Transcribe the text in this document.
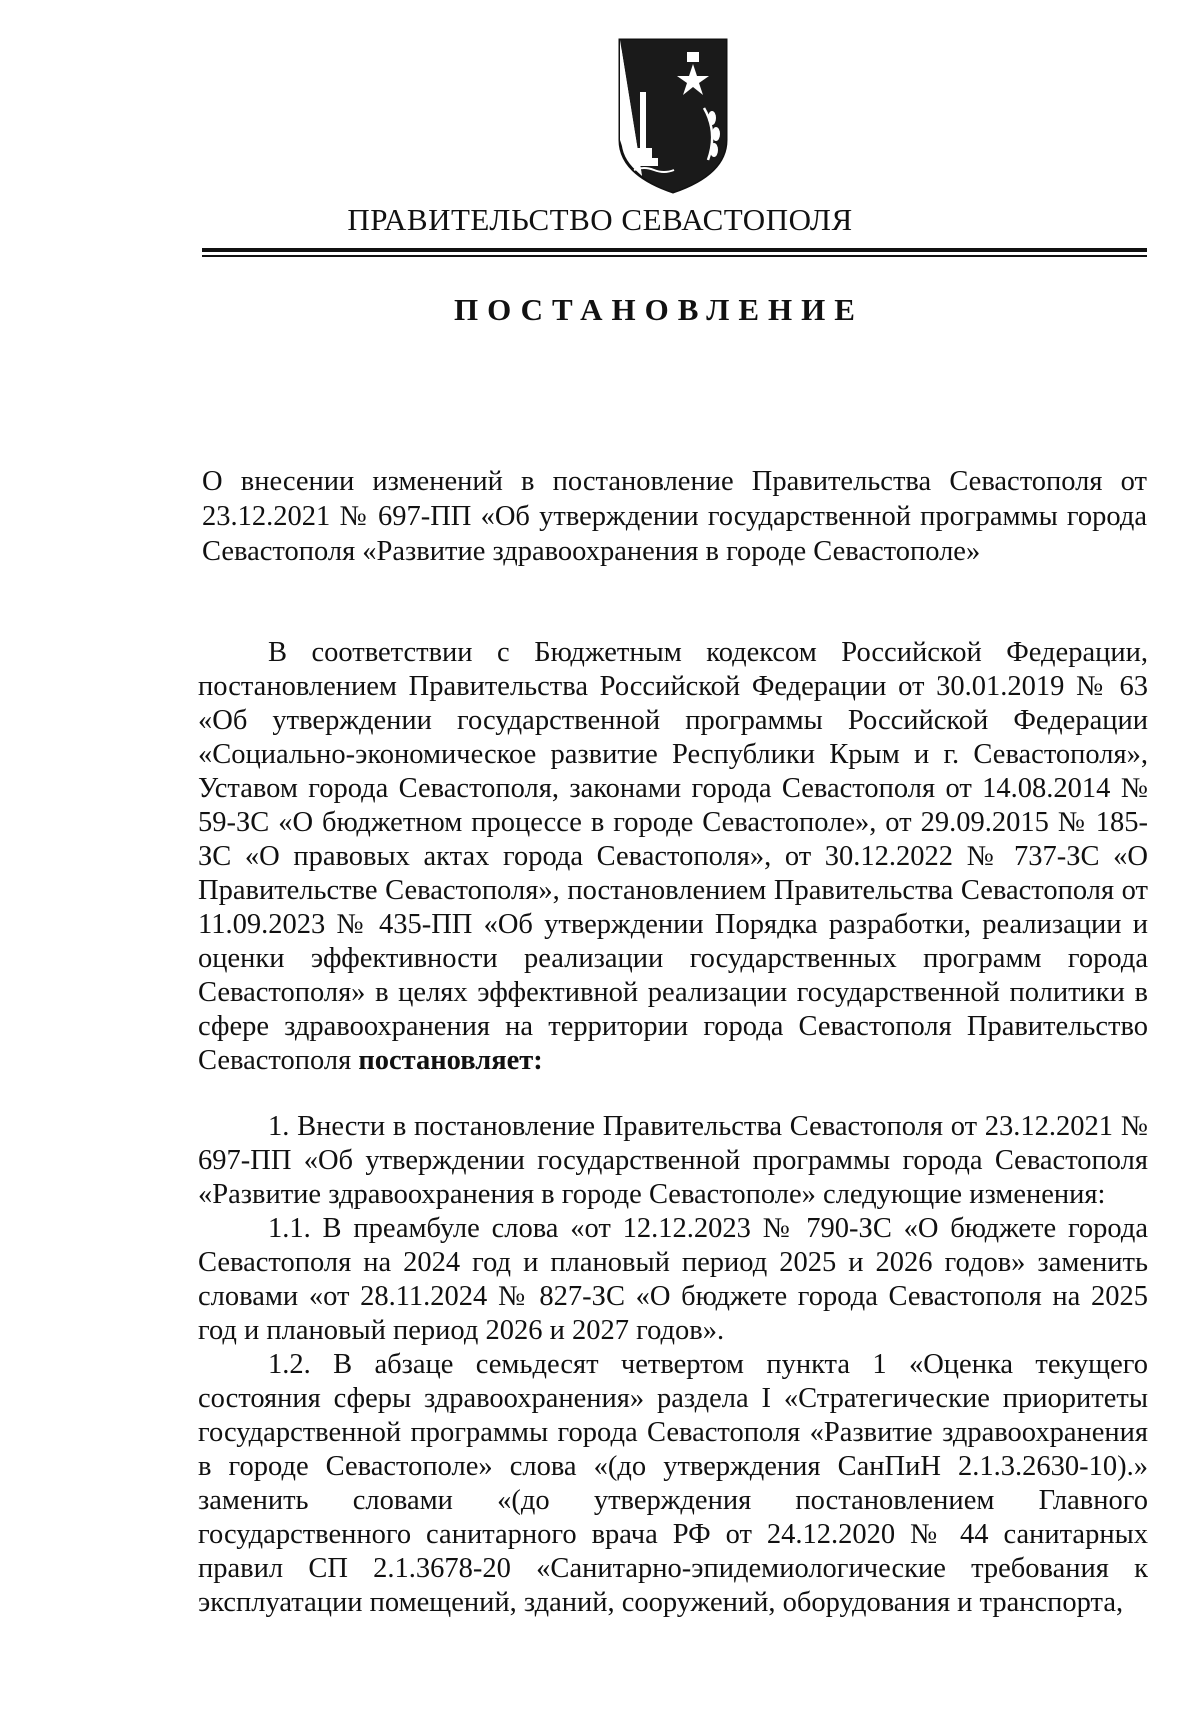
ПРАВИТЕЛЬСТВО СЕВАСТОПОЛЯ
ПОСТАНОВЛЕНИЕ

О внесении изменений в постановление Правительства Севастополя от 23.12.2021 № 697-ПП «Об утверждении государственной программы города Севастополя «Развитие здравоохранения в городе Севастополе»

В соответствии с Бюджетным кодексом Российской Федерации, постановлением Правительства Российской Федерации от 30.01.2019 № 63 «Об утверждении государственной программы Российской Федерации «Социально-экономическое развитие Республики Крым и г. Севастополя», Уставом города Севастополя, законами города Севастополя от 14.08.2014 № 59-ЗС «О бюджетном процессе в городе Севастополе», от 29.09.2015 № 185-ЗС «О правовых актах города Севастополя», от 30.12.2022 № 737-ЗС «О Правительстве Севастополя», постановлением Правительства Севастополя от 11.09.2023 № 435-ПП «Об утверждении Порядка разработки, реализации и оценки эффективности реализации государственных программ города Севастополя» в целях эффективной реализации государственной политики в сфере здравоохранения на территории города Севастополя Правительство Севастополя постановляет:

1. Внести в постановление Правительства Севастополя от 23.12.2021 № 697-ПП «Об утверждении государственной программы города Севастополя «Развитие здравоохранения в городе Севастополе» следующие изменения:

1.1. В преамбуле слова «от 12.12.2023 № 790-ЗС «О бюджете города Севастополя на 2024 год и плановый период 2025 и 2026 годов» заменить словами «от 28.11.2024 № 827-ЗС «О бюджете города Севастополя на 2025 год и плановый период 2026 и 2027 годов».

1.2. В абзаце семьдесят четвертом пункта 1 «Оценка текущего состояния сферы здравоохранения» раздела I «Стратегические приоритеты государственной программы города Севастополя «Развитие здравоохранения в городе Севастополе» слова «(до утверждения СанПиН 2.1.3.2630-10).» заменить словами «(до утверждения постановлением Главного государственного санитарного врача РФ от 24.12.2020 № 44 санитарных правил СП 2.1.3678-20 «Санитарно-эпидемиологические требования к эксплуатации помещений, зданий, сооружений, оборудования и транспорта,
